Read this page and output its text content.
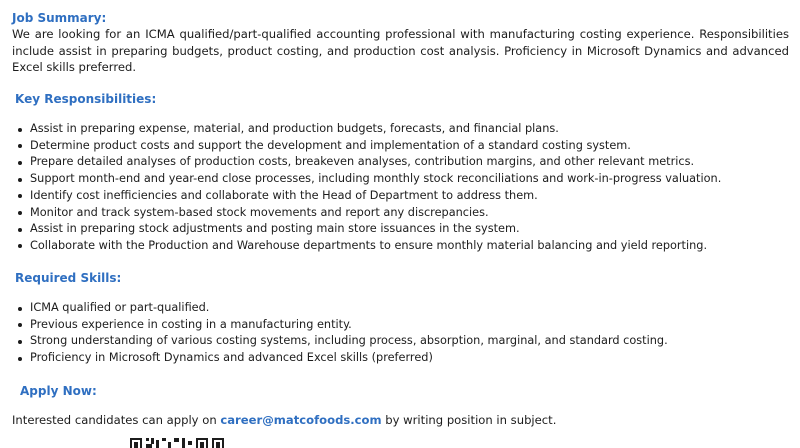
Job Summary:

We are looking for an ICMA qualified/part-qualified accounting professional with manufacturing costing experience. Responsibilities include assist in preparing budgets, product costing, and production cost analysis. Proficiency in Microsoft Dynamics and advanced Excel skills preferred.

Key Responsibilities:
Assist in preparing expense, material, and production budgets, forecasts, and financial plans.
Determine product costs and support the development and implementation of a standard costing system.
Prepare detailed analyses of production costs, breakeven analyses, contribution margins, and other relevant metrics.
Support month-end and year-end close processes, including monthly stock reconciliations and work-in-progress valuation.
Identify cost inefficiencies and collaborate with the Head of Department to address them.
Monitor and track system-based stock movements and report any discrepancies.
Assist in preparing stock adjustments and posting main store issuances in the system.
Collaborate with the Production and Warehouse departments to ensure monthly material balancing and yield reporting.
Required Skills:
ICMA qualified or part-qualified.
Previous experience in costing in a manufacturing entity.
Strong understanding of various costing systems, including process, absorption, marginal, and standard costing.
Proficiency in Microsoft Dynamics and advanced Excel skills (preferred)
Apply Now:
Interested candidates can apply on career@matcofoods.com by writing position in subject.
